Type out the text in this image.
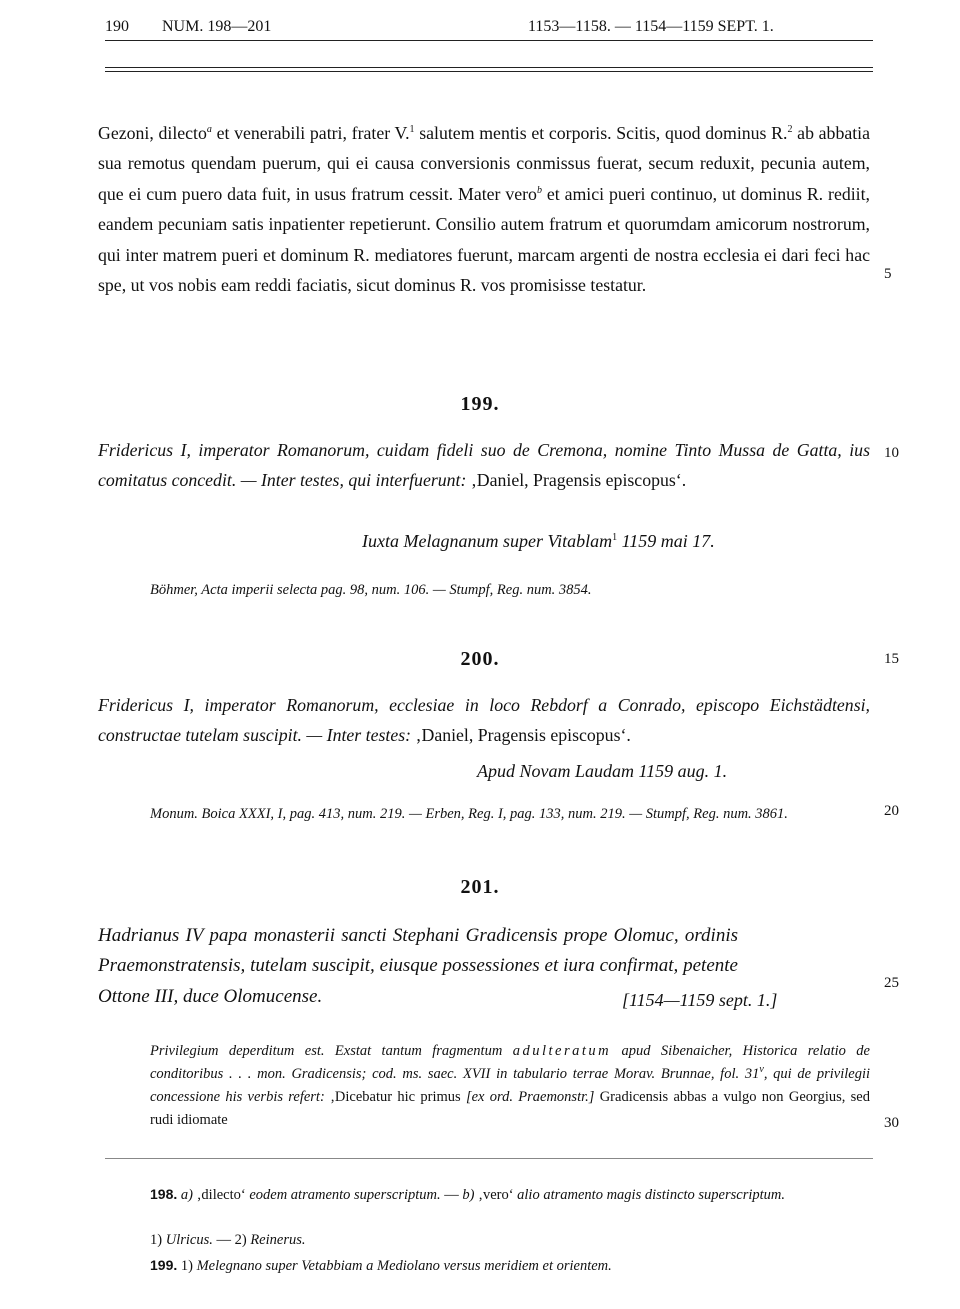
190 NUM. 198—201	1153—1158. — 1154—1159 SEPT. 1.
Gezoni, dilecto$^a$ et venerabili patri, frater V.$^1$ salutem mentis et corporis. Scitis, quod dominus R.$^2$ ab abbatia sua remotus quendam puerum, qui ei causa conversionis conmissus fuerat, secum reduxit, pecunia autem, que ei cum puero data fuit, in usus fratrum cessit. Mater vero$^b$ et amici pueri continuo, ut dominus R. rediit, eandem pecuniam satis inpatienter repetierunt. Consilio autem fratrum et quorumdam amicorum nostrorum, qui inter matrem pueri et dominum R. mediatores fuerunt, marcam argenti de nostra ecclesia ei dari feci hac spe, ut vos nobis eam reddi faciatis, sicut dominus R. vos promisisse testatur.
199.
Fridericus I, imperator Romanorum, cuidam fideli suo de Cremona, nomine Tinto Mussa de Gatta, ius comitatus concedit. — Inter testes, qui interfuerunt: ‚Daniel, Pragensis episcopus‘.
Iuxta Melagnanum super Vitablam$^1$ 1159 mai 17.
Böhmer, Acta imperii selecta pag. 98, num. 106. — Stumpf, Reg. num. 3854.
200.
Fridericus I, imperator Romanorum, ecclesiae in loco Rebdorf a Conrado, episcopo Eichstädtensi, constructae tutelam suscipit. — Inter testes: ‚Daniel, Pragensis episcopus‘.
Apud Novam Laudam 1159 aug. 1.
Monum. Boica XXXI, I, pag. 413, num. 219. — Erben, Reg. I, pag. 133, num. 219. — Stumpf, Reg. num. 3861.
201.
Hadrianus IV papa monasterii sancti Stephani Gradicensis prope Olomuc, ordinis Praemonstratensis, tutelam suscipit, eiusque possessiones et iura confirmat, petente Ottone III, duce Olomucense.	[1154—1159 sept. 1.]
Privilegium deperditum est. Exstat tantum fragmentum adulteratum apud Sibenaicher, Historica relatio de conditoribus . . . mon. Gradicensis; cod. ms. saec. XVII in tabulario terrae Morav. Brunnae, fol. 31$^v$, qui de privilegii concessione his verbis refert: ‚Dicebatur hic primus [ex ord. Praemonstr.] Gradicensis abbas a vulgo non Georgius, sed rudi idiomate
5
10
15
20
25
30
198. a) ‚dilecto‘ eodem atramento superscriptum. — b) ‚vero‘ alio atramento magis distincto superscriptum.
1) Ulricus. — 2) Reinerus.
199. 1) Melegnano super Vetabbiam a Mediolano versus meridiem et orientem.
